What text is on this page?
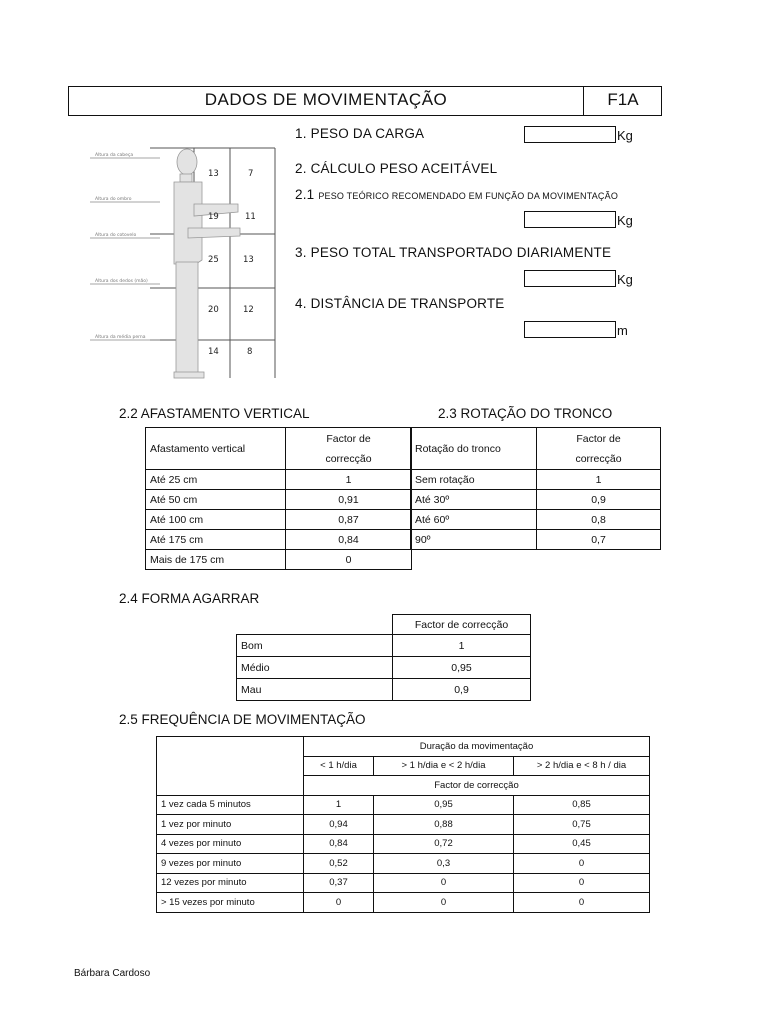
DADOS DE MOVIMENTAÇÃO	F1A
Altura da cabeça
Altura do ombro
Altura do cotovelo
Altura dos dedos (mão)
Altura da média perna
13	7
19	11
25	13
20	12
14	8
1. PESO DA CARGA	Kg
2. CÁLCULO PESO ACEITÁVEL
2.1 PESO TEÓRICO RECOMENDADO EM FUNÇÃO DA MOVIMENTAÇÃO
Kg
3. PESO TOTAL TRANSPORTADO DIARIAMENTE
Kg
4. DISTÂNCIA DE TRANSPORTE
m
2.2 AFASTAMENTO VERTICAL	2.3 ROTAÇÃO DO TRONCO
Afastamento vertical	Factor de
correcção
Até 25 cm	1
Até 50 cm	0,91
Até 100 cm	0,87
Até 175 cm	0,84
Mais de 175 cm	0
Rotação do tronco	Factor de
correcção
Sem rotação	1
Até 30º	0,9
Até 60º	0,8
90º	0,7
2.4 FORMA AGARRAR
	Factor de correcção
Bom	1
Médio	0,95
Mau	0,9
2.5 FREQUÊNCIA DE MOVIMENTAÇÃO
	Duração da movimentação		
	< 1 h/dia	> 1 h/dia e < 2 h/dia	> 2 h/dia e < 8 h / dia
	Factor de correcção		
1 vez cada 5 minutos	1	0,95	0,85
1 vez por minuto	0,94	0,88	0,75
4 vezes por minuto	0,84	0,72	0,45
9 vezes por minuto	0,52	0,3	0
12 vezes por minuto	0,37	0	0
> 15 vezes por minuto	0	0	0
Bárbara Cardoso
